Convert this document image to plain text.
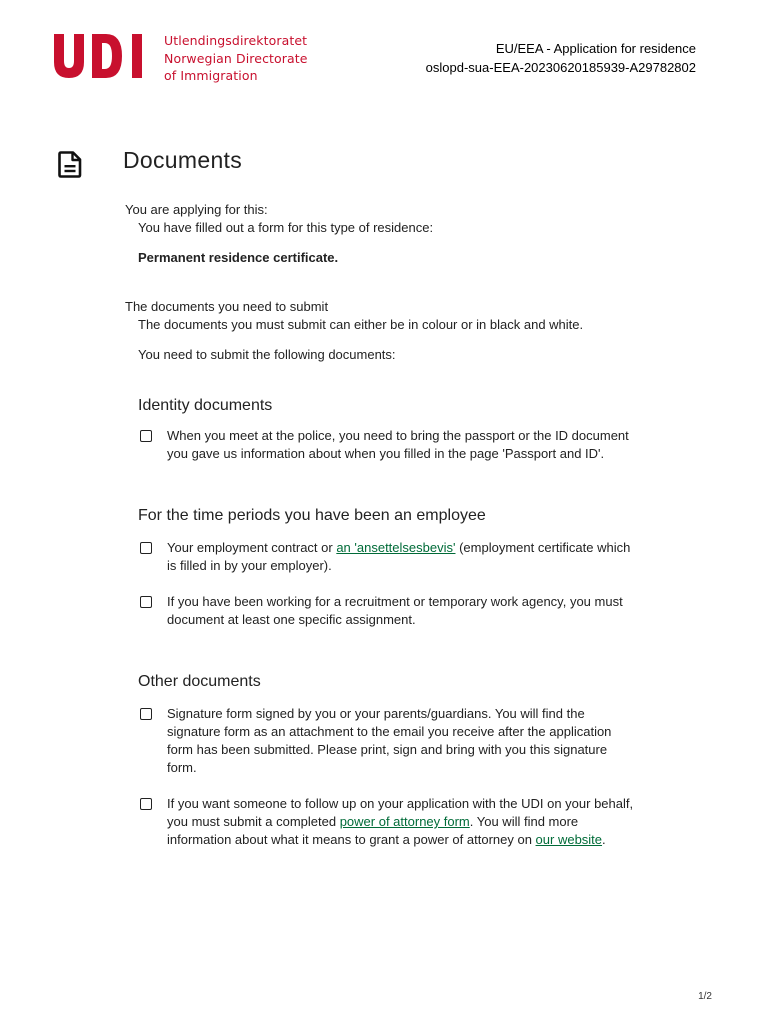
Utlendingsdirektoratet
Norwegian Directorate
of Immigration
EU/EEA - Application for residence
oslopd-sua-EEA-20230620185939-A29782802
Documents
You are applying for this:
You have filled out a form for this type of residence:
Permanent residence certificate.
The documents you need to submit
The documents you must submit can either be in colour or in black and white.
You need to submit the following documents:
Identity documents
When you meet at the police, you need to bring the passport or the ID document you gave us information about when you filled in the page 'Passport and ID'.
For the time periods you have been an employee
Your employment contract or an 'ansettelsesbevis' (employment certificate which is filled in by your employer).
If you have been working for a recruitment or temporary work agency, you must document at least one specific assignment.
Other documents
Signature form signed by you or your parents/guardians. You will find the signature form as an attachment to the email you receive after the application form has been submitted. Please print, sign and bring with you this signature form.
If you want someone to follow up on your application with the UDI on your behalf, you must submit a completed power of attorney form. You will find more information about what it means to grant a power of attorney on our website.
1/2
